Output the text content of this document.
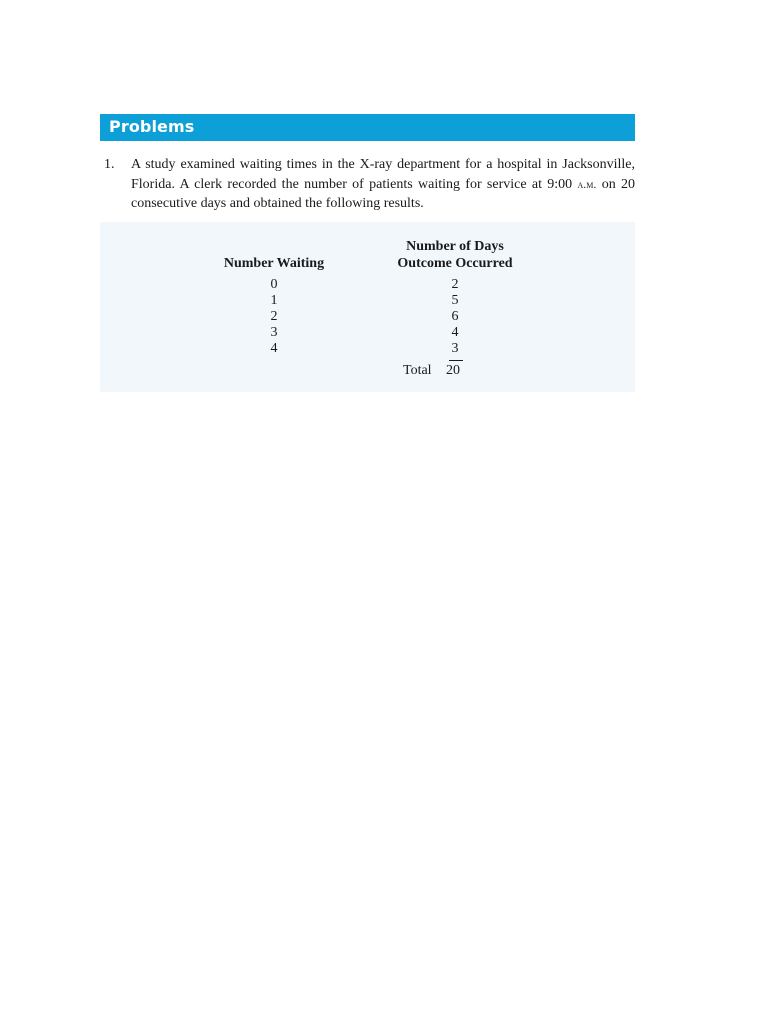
Problems
1. A study examined waiting times in the X-ray department for a hospital in Jacksonville, Florida. A clerk recorded the number of patients waiting for service at 9:00 a.m. on 20 consecutive days and obtained the following results.
Number of Days
Number Waiting	Outcome Occurred
0	2
1	5
2	6
3	4
4	3
Total 20
